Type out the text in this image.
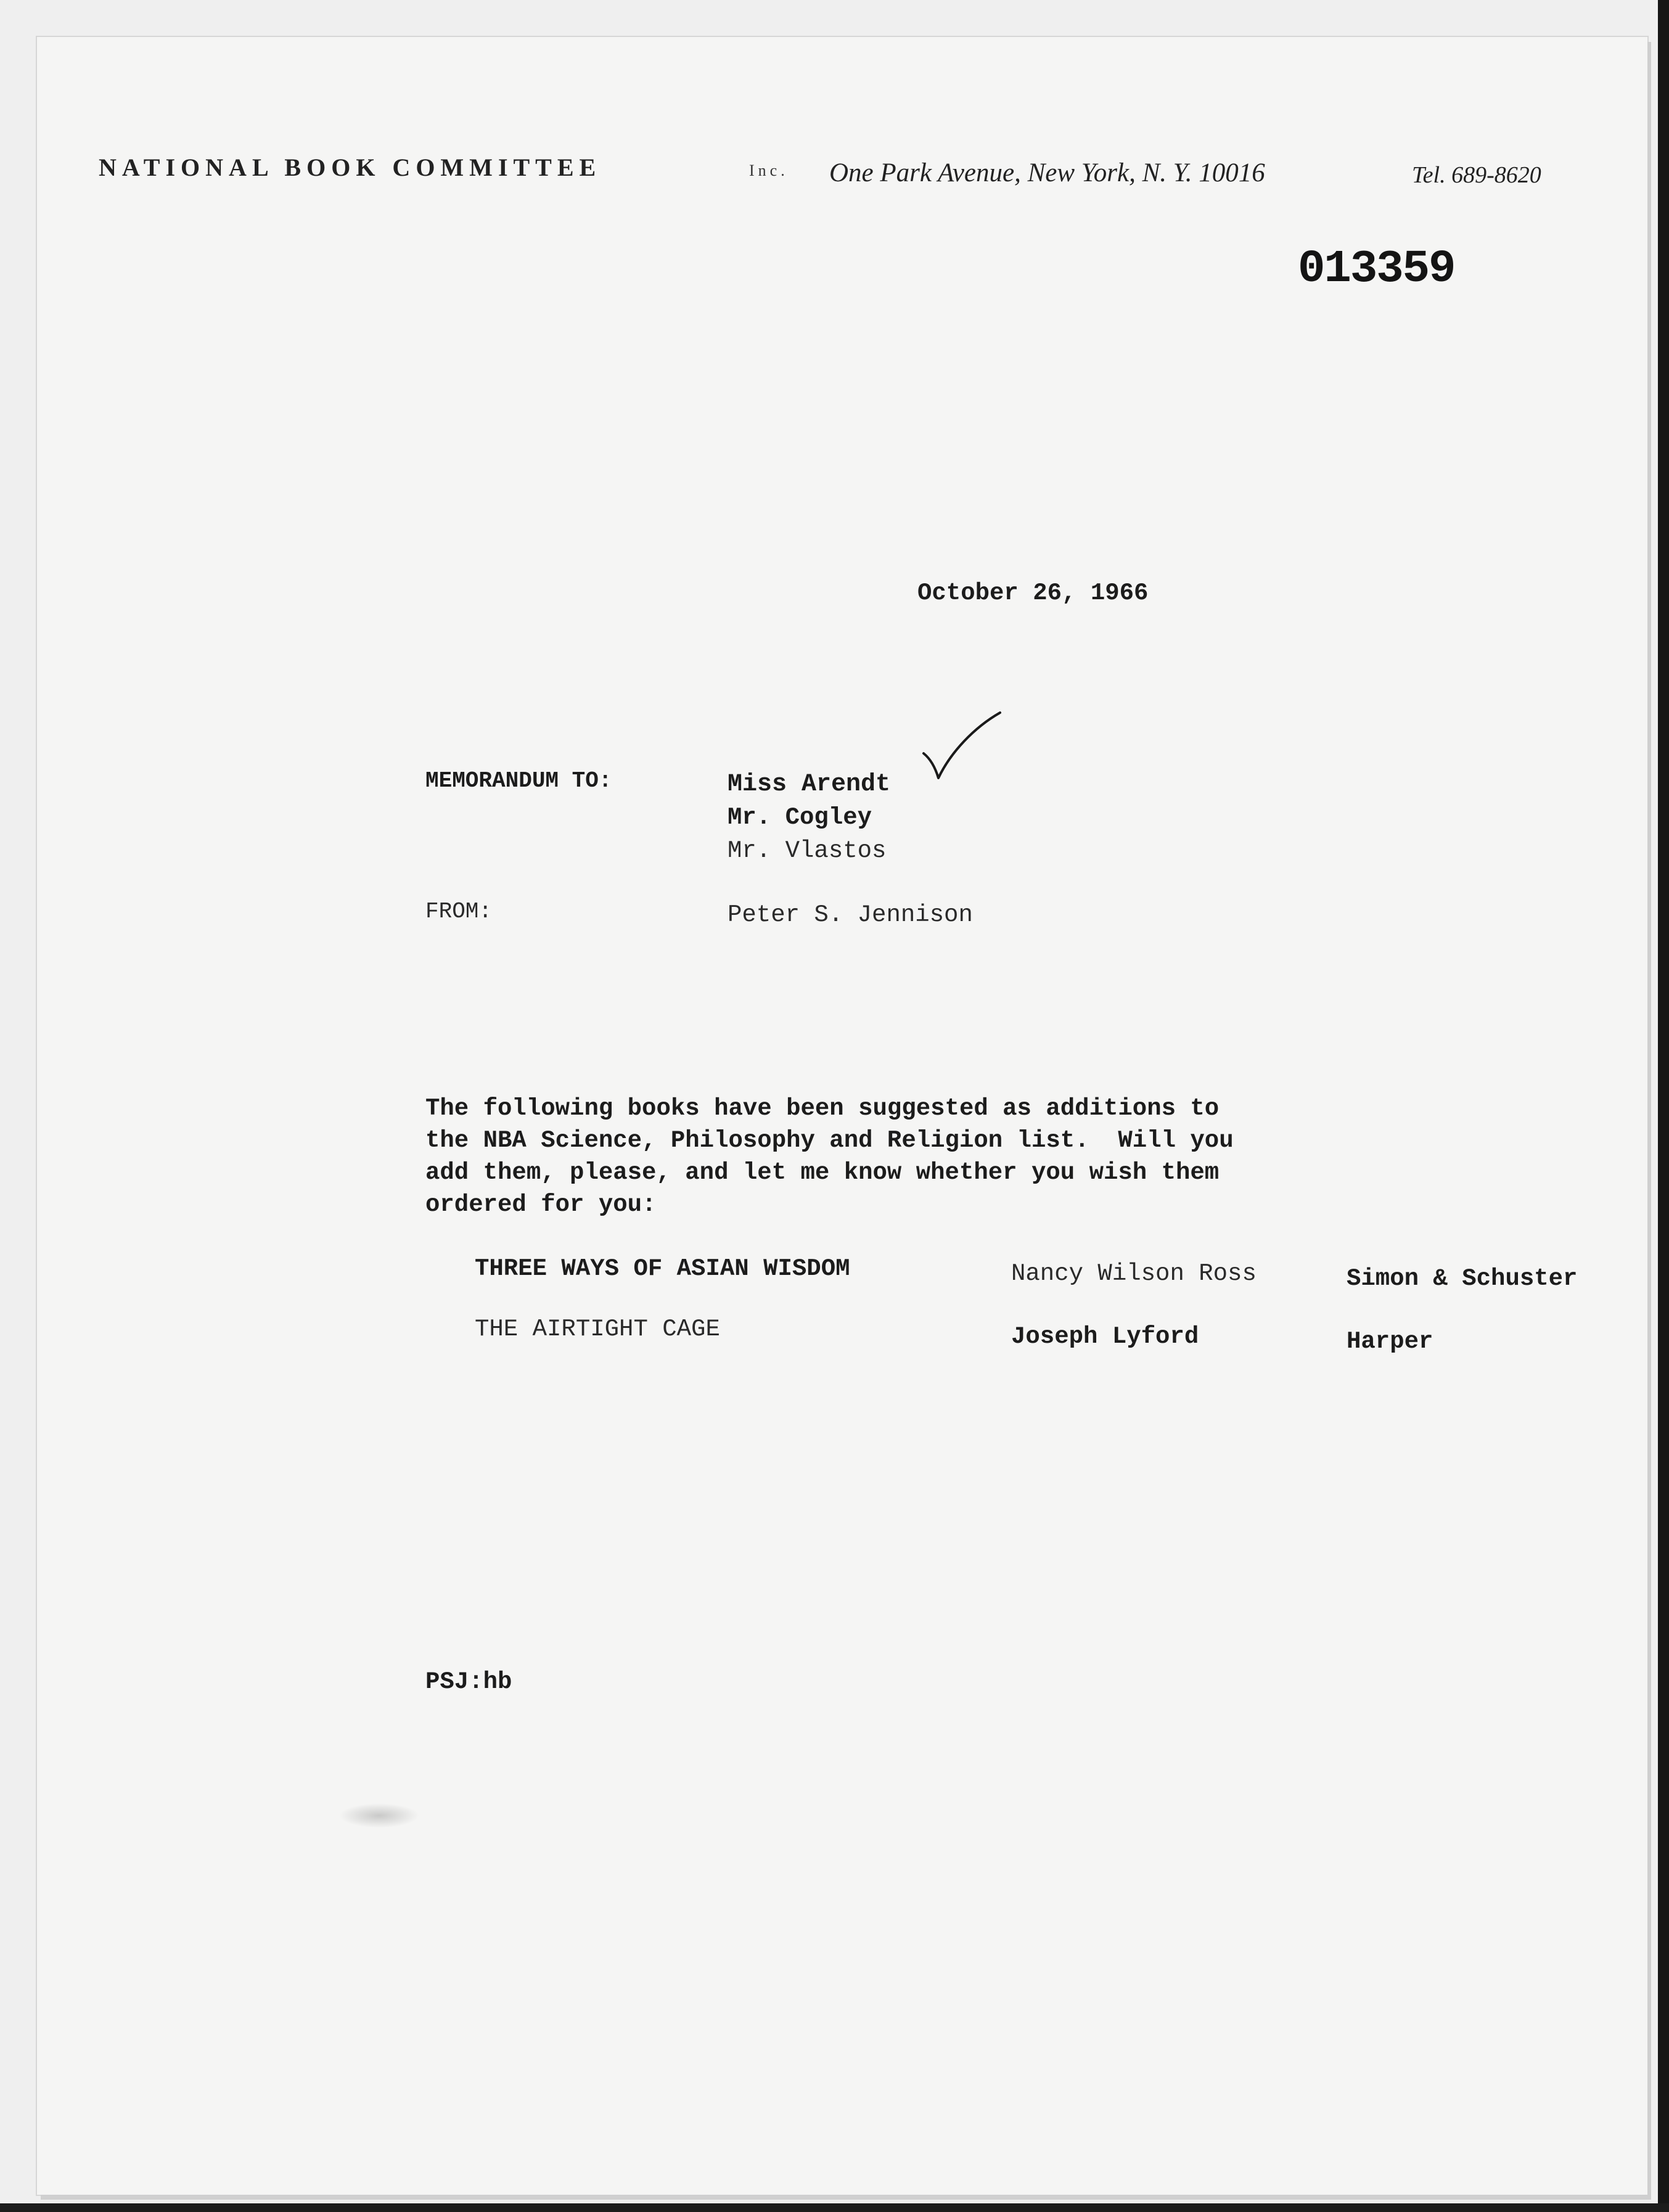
NATIONAL BOOK COMMITTEE	Inc. One Park Avenue, New York, N. Y. 10016	Tel. 689-8620
013359
October 26, 1966
MEMORANDUM TO:	Miss Arendt
Mr. Cogley
Mr. Vlastos
FROM:	Peter S. Jennison
The following books have been suggested as additions to
the NBA Science, Philosophy and Religion list.  Will you
add them, please, and let me know whether you wish them
ordered for you:
THREE WAYS OF ASIAN WISDOM	Nancy Wilson Ross	Simon & Schuster
THE AIRTIGHT CAGE	Joseph Lyford	Harper
PSJ:hb
